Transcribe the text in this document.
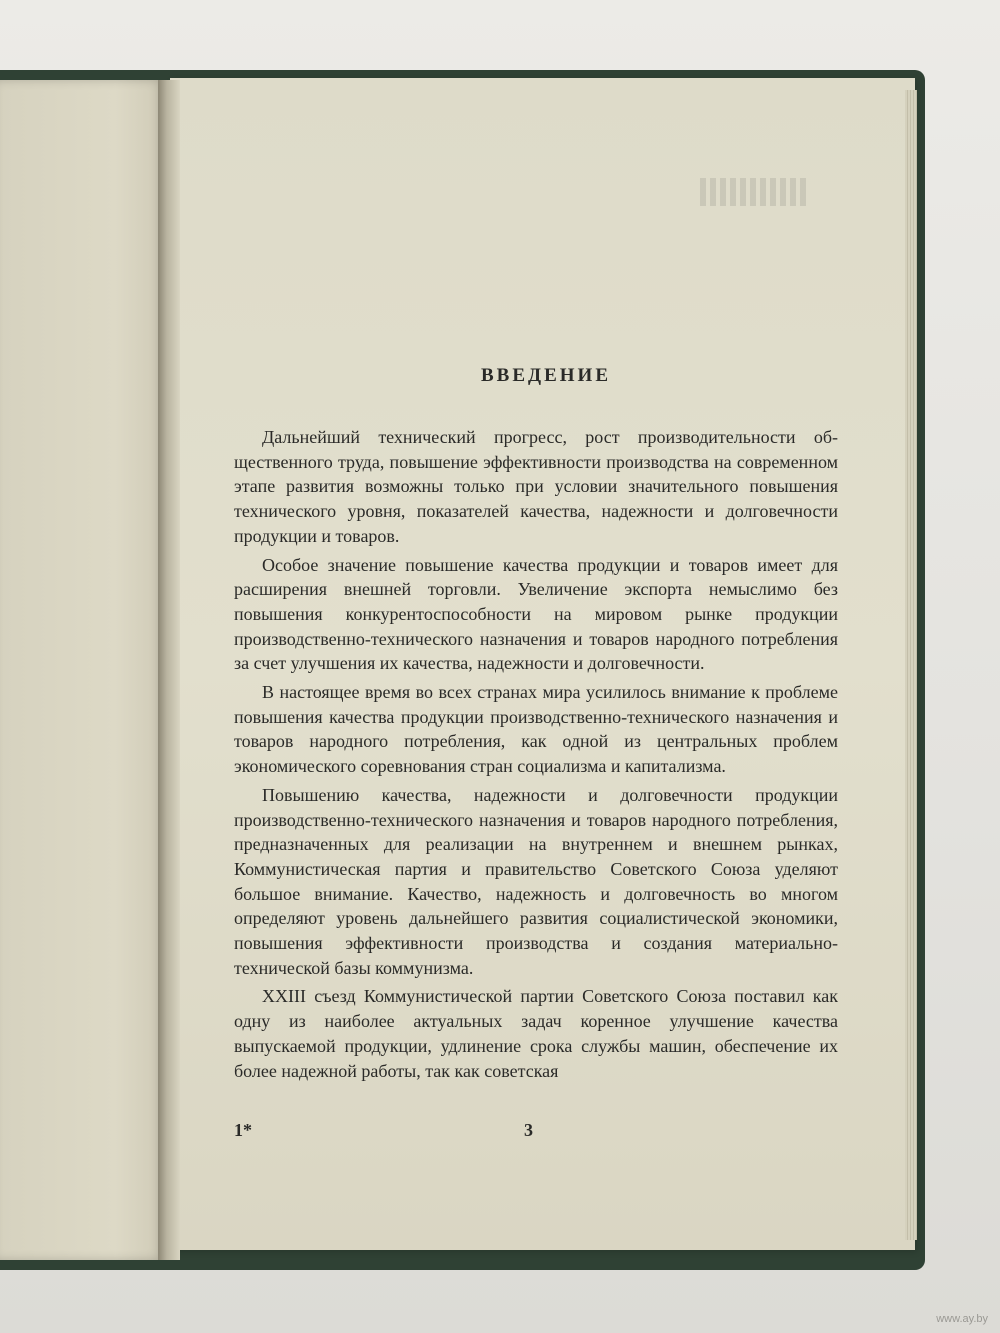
ВВЕДЕНИЕ

Дальнейший технический прогресс, рост производительности общественного труда, повышение эффективности производства на современном этапе развития возможны только при условии значительного повышения технического уровня, показателей качества, надежности и долговечности продукции и товаров.

Особое значение повышение качества продукции и товаров имеет для расширения внешней торговли. Увеличение экспорта немыслимо без повышения конкурентоспособности на мировом рынке продукции производственно-технического назначения и товаров народного потребления за счет улучшения их качества, надежности и долговечности.

В настоящее время во всех странах мира усилилось внимание к проблеме повышения качества продукции производственно-технического назначения и товаров народного потребления, как одной из центральных проблем экономического соревнования стран социализма и капитализма.

Повышению качества, надежности и долговечности продукции производственно-технического назначения и товаров народного потребления, предназначенных для реализации на внутреннем и внешнем рынках, Коммунистическая партия и правительство Советского Союза уделяют большое внимание. Качество, надежность и долговечность во многом определяют уровень дальнейшего развития социалистической экономики, повышения эффективности производства и создания материально-технической базы коммунизма.

XXIII съезд Коммунистической партии Советского Союза поставил как одну из наиболее актуальных задач коренное улучшение качества выпускаемой продукции, удлинение срока службы машин, обеспечение их более надежной работы, так как советская

1*	3
www.ay.by
